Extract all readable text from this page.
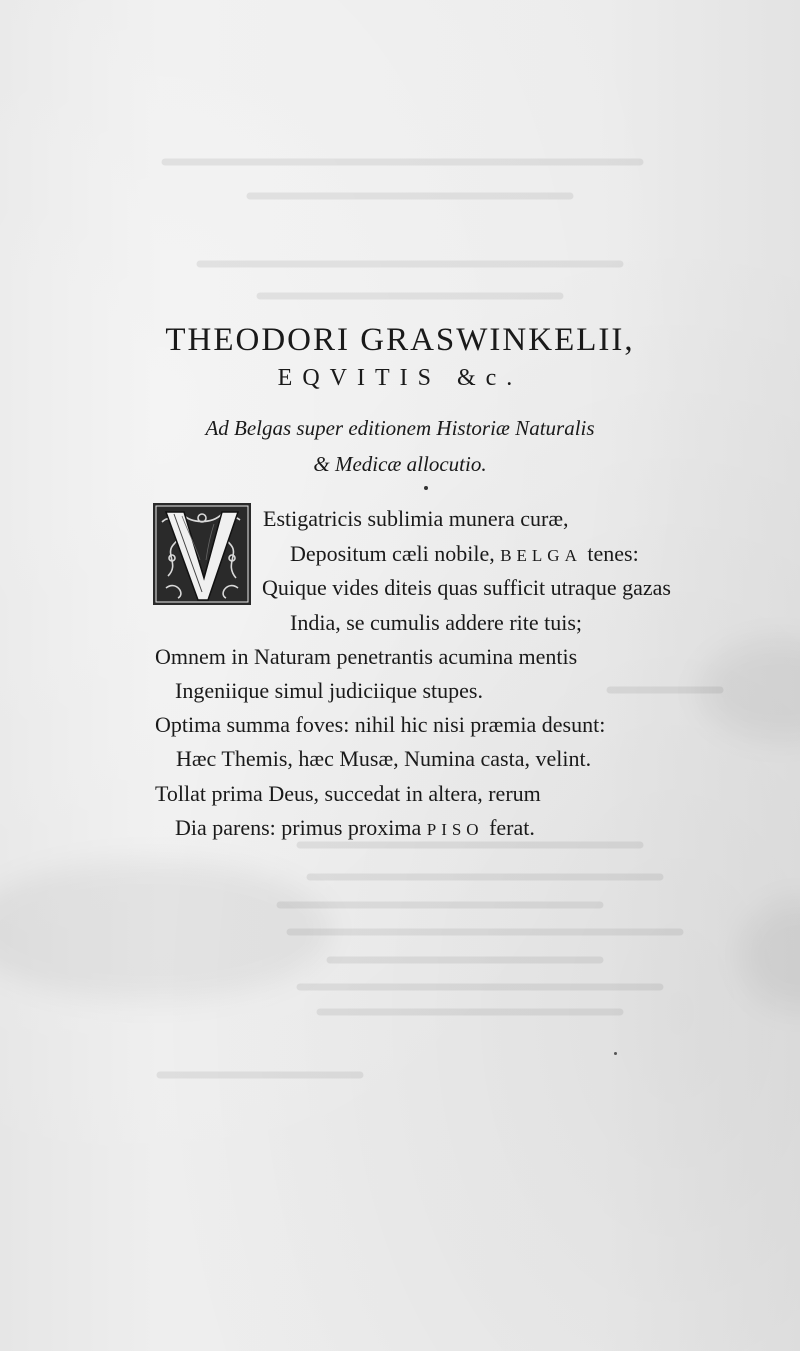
THEODORI GRASWINKELII,
EQVITIS &c.
Ad Belgas super editionem Historiæ Naturalis
& Medicæ allocutio.
Estigatricis sublimia munera curæ,
Depositum cæli nobile, BELGA tenes:
Quique vides diteis quas sufficit utraque gazas
India, se cumulis addere rite tuis;
Omnem in Naturam penetrantis acumina mentis
Ingeniique simul judiciique stupes.
Optima summa foves: nihil hic nisi præmia desunt:
Hæc Themis, hæc Musæ, Numina casta, velint.
Tollat prima Deus, succedat in altera, rerum
Dia parens: primus proxima PISO ferat.
